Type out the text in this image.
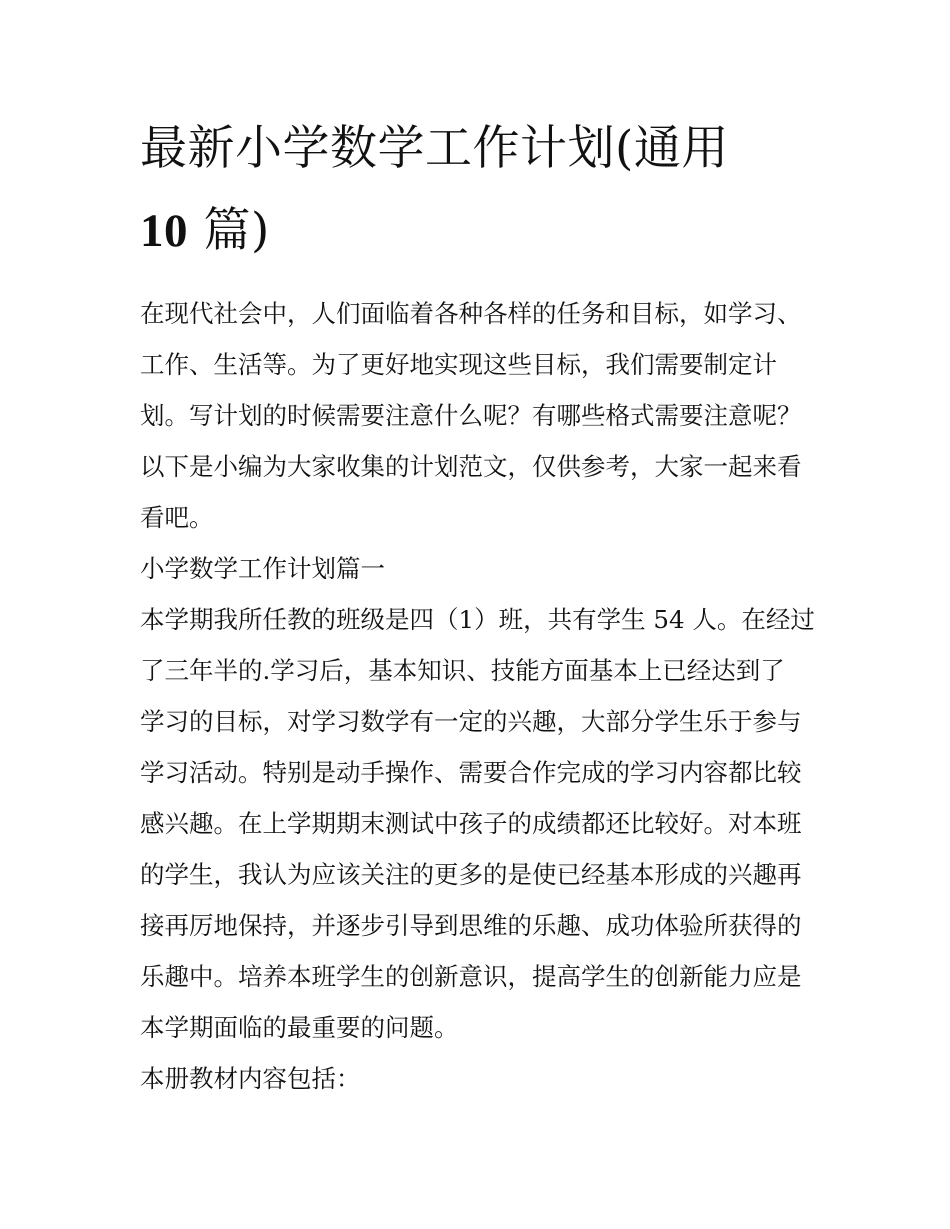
最新小学数学工作计划(通用
10 篇)
在现代社会中，人们面临着各种各样的任务和目标，如学习、
工作、生活等。为了更好地实现这些目标，我们需要制定计
划。写计划的时候需要注意什么呢？有哪些格式需要注意呢？
以下是小编为大家收集的计划范文，仅供参考，大家一起来看
看吧。
小学数学工作计划篇一
本学期我所任教的班级是四（1）班，共有学生 54 人。在经过
了三年半的.学习后，基本知识、技能方面基本上已经达到了
学习的目标，对学习数学有一定的兴趣，大部分学生乐于参与
学习活动。特别是动手操作、需要合作完成的学习内容都比较
感兴趣。在上学期期末测试中孩子的成绩都还比较好。对本班
的学生，我认为应该关注的更多的是使已经基本形成的兴趣再
接再厉地保持，并逐步引导到思维的乐趣、成功体验所获得的
乐趣中。培养本班学生的创新意识，提高学生的创新能力应是
本学期面临的最重要的问题。
本册教材内容包括：
